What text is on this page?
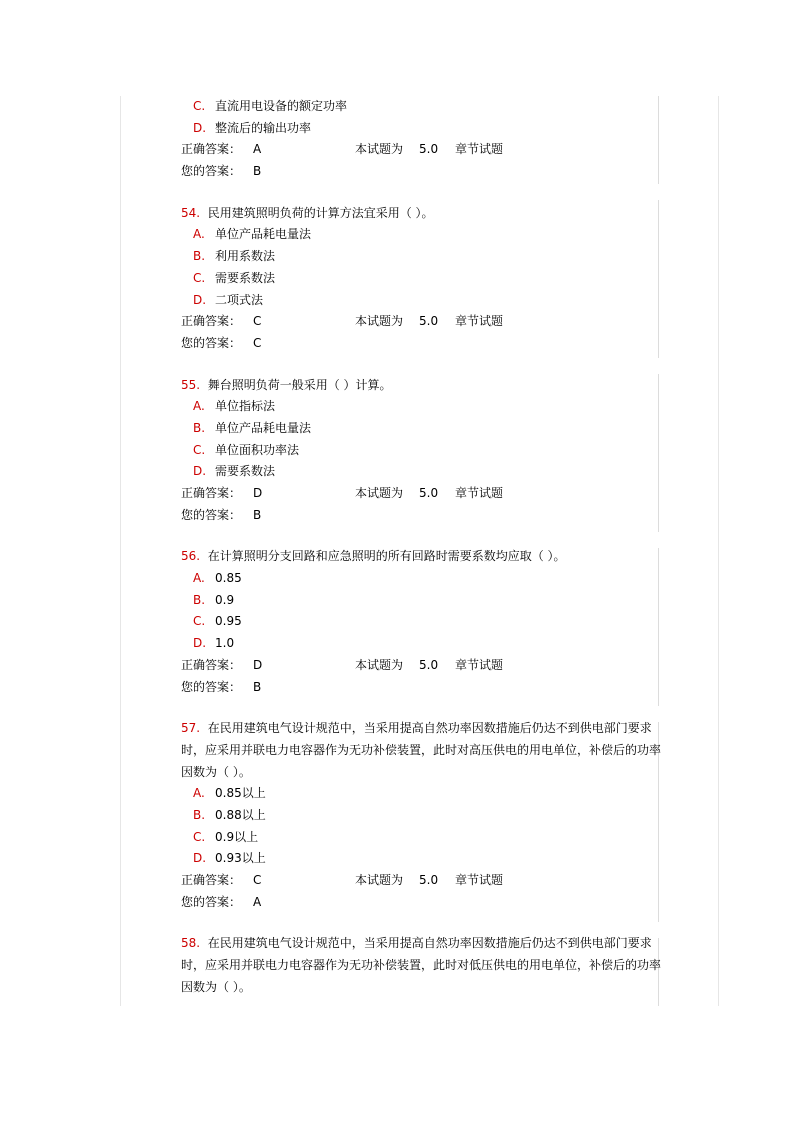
C. 直流用电设备的额定功率
D. 整流后的输出功率
正确答案： A	本试题为 5.0 章节试题
您的答案： B
54. 民用建筑照明负荷的计算方法宜采用（ ）。
A. 单位产品耗电量法
B. 利用系数法
C. 需要系数法
D. 二项式法
正确答案： C	本试题为 5.0 章节试题
您的答案： C
55. 舞台照明负荷一般采用（ ）计算。
A. 单位指标法
B. 单位产品耗电量法
C. 单位面积功率法
D. 需要系数法
正确答案： D	本试题为 5.0 章节试题
您的答案： B
56. 在计算照明分支回路和应急照明的所有回路时需要系数均应取（ ）。
A. 0.85
B. 0.9
C. 0.95
D. 1.0
正确答案： D	本试题为 5.0 章节试题
您的答案： B
57. 在民用建筑电气设计规范中，当采用提高自然功率因数措施后仍达不到供电部门要求时，应采用并联电力电容器作为无功补偿装置，此时对高压供电的用电单位，补偿后的功率因数为（ ）。
A. 0.85以上
B. 0.88以上
C. 0.9以上
D. 0.93以上
正确答案： C	本试题为 5.0 章节试题
您的答案： A
58. 在民用建筑电气设计规范中，当采用提高自然功率因数措施后仍达不到供电部门要求时，应采用并联电力电容器作为无功补偿装置，此时对低压供电的用电单位，补偿后的功率因数为（ ）。
